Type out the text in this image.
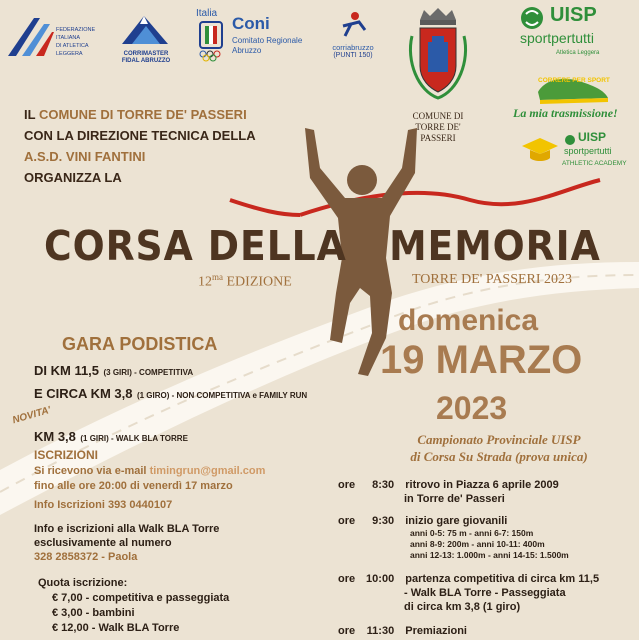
FEDERAZIONE ITALIANA
DI ATLETICA LEGGERA	CORRIMASTER
FIDAL ABRUZZO
Italia
Coni
Comitato Regionale
Abruzzo	corriabruzzo
(PUNTI 150)
COMUNE DI
TORRE DE' PASSERI
UISP
sportpertutti
Atletica Leggera
CORRERE PER SPORT
La mia trasmissione!
UISP
sportpertutti
ATHLETIC ACADEMY
IL COMUNE DI TORRE DE' PASSERI
CON LA DIREZIONE TECNICA DELLA
A.S.D. VINI FANTINI
ORGANIZZA LA
CORSA DELLA MEMORIA
$12^{ma}$ EDIZIONE	TORRE DE' PASSERI 2023
domenica
19 MARZO
2023
Campionato Provinciale UISP
di Corsa Su Strada (prova unica)
GARA PODISTICA
DI KM 11,5 (3 GIRI) - COMPETITIVA
E CIRCA KM 3,8 (1 GIRO) - NON COMPETITIVA e FAMILY RUN
NOVITA'
KM 3,8 (1 GIRI) - WALK BLA TORRE
ISCRIZIONI
Si ricevono via e-mail timingrun@gmail.com
fino alle ore 20:00 di venerdì 17 marzo
Info Iscrizioni 393 0440107
Info e iscrizioni alla Walk BLA Torre
esclusivamente al numero
328 2858372 - Paola
Quota iscrizione:
€ 7,00 - competitiva e passeggiata
€ 3,00 - bambini
€ 12,00 - Walk BLA Torre
ore 8:30 ritrovo in Piazza 6 aprile 2009
in Torre de' Passeri
ore 9:30 inizio gare giovanili
anni 0-5: 75 m - anni 6-7: 150m
anni 8-9: 200m - anni 10-11: 400m
anni 12-13: 1.000m - anni 14-15: 1.500m
ore 10:00 partenza competitiva di circa km 11,5
- Walk BLA Torre - Passeggiata
di circa km 3,8 (1 giro)
ore 11:30 Premiazioni
